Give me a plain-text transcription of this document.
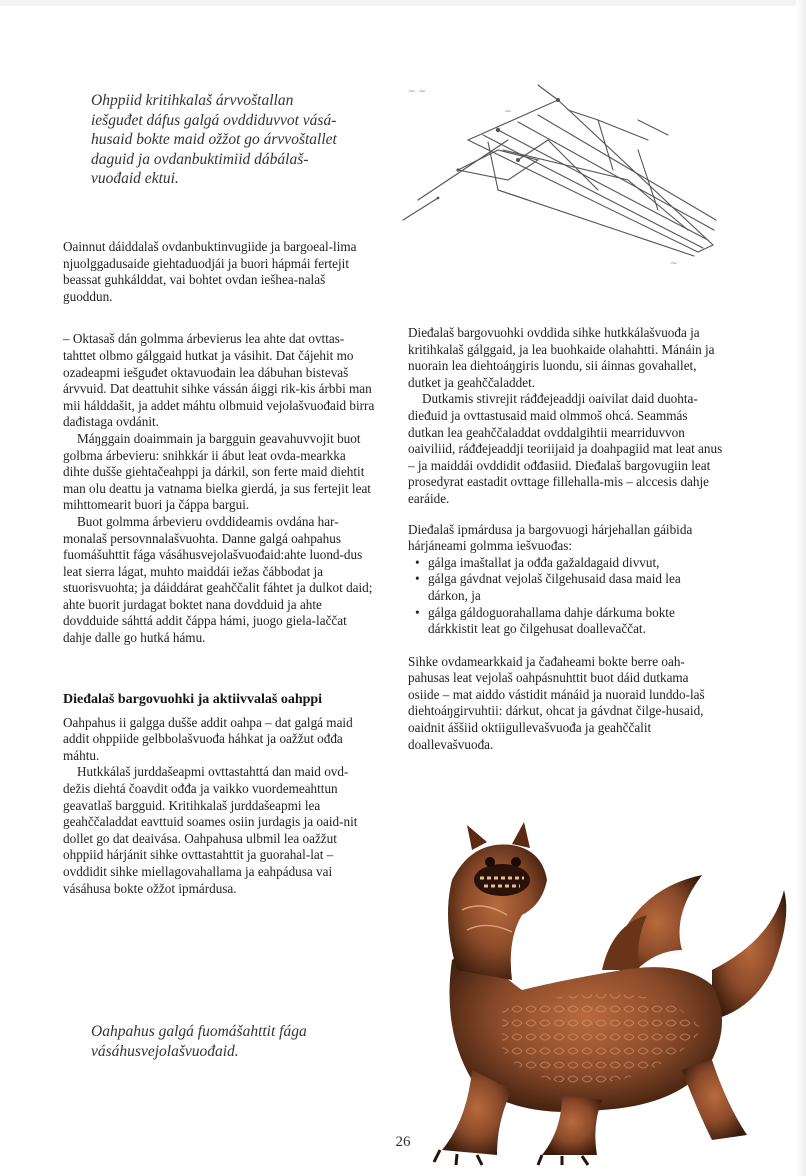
Ohppiid kritihkalaš árvvoštallan
iešguđet dáfus galgá ovddiduvvot vásá-
husaid bokte maid ožžot go árvvoštallet
daguid ja ovdanbuktimiid dábálaš-
vuođaid ektui.
~ ~
~
~

Oainnut dáiddalaš ovdanbuktinvugiide ja bargoeal-lima njuolggadusaide giehtaduodjái ja buori hápmái fertejit beassat guhkálddat, vai bohtet ovdan iešhea-nalaš guoddun.

– Oktasaš dán golmma árbevierus lea ahte dat ovttas-tahttet olbmo gálggaid hutkat ja vásihit. Dat čájehit mo ozadeapmi iešguđet oktavuođain lea dábuhan bistevaš árvvuid. Dat deattuhit sihke vássán áiggi rik-kis árbbi man mii hálddašit, ja addet máhtu olbmuid vejolašvuođaid birra dađistaga ovdánit.

Máŋggain doaimmain ja bargguin geavahuvvojit buot golbma árbevieru: snihkkár ii ábut leat ovda-mearkka dihte dušše giehtačeahppi ja dárkil, son ferte maid diehtit man olu deattu ja vatnama bielka gierdá, ja sus fertejit leat mihttomearit buori ja čáppa bargui.

Buot golmma árbevieru ovddideamis ovdána har-monalaš persovnnalašvuohta. Danne galgá oahpahus fuomášuhttit fága vásáhusvejolašvuođaid:ahte luond-dus leat sierra lágat, muhto maiddái iežas čábbodat ja stuorisvuohta; ja dáiddárat geahččalit fáhtet ja dulkot daid; ahte buorit jurdagat boktet nana dovdduid ja ahte dovdduide sáhttá addit čáppa hámi, juogo giela-laččat dahje dalle go hutká hámu.

Dieđalaš bargovuohki ja aktiivvalaš oahppi

Oahpahus ii galgga dušše addit oahpa – dat galgá maid addit ohppiide gelbbolašvuođa háhkat ja oažžut ođđa máhtu.

Hutkkálaš jurddašeapmi ovttastahttá dan maid ovd-dežis diehtá čoavdit ođđa ja vaikko vuordemeahttun geavatlaš bargguid. Kritihkalaš jurddašeapmi lea geahččaladdat eavttuid soames osiin jurdagis ja oaid-nit dollet go dat deaivása. Oahpahusa ulbmil lea oažžut ohppiid hárjánit sihke ovttastahttit ja guorahal-lat – ovddidit sihke miellagovahallama ja eahpádusa vai vásáhusa bokte ožžot ipmárdusa.

Dieđalaš bargovuohki ovddida sihke hutkkálašvuođa ja kritihkalaš gálggaid, ja lea buohkaide olahahtti. Mánáin ja nuorain lea diehtoáŋgiris luondu, sii áinnas govahallet, dutket ja geahččaladdet.

Dutkamis stivrejit ráđđejeaddji oaivilat daid duohta-dieđuid ja ovttastusaid maid olmmoš ohcá. Seammás dutkan lea geahččaladdat ovddalgihtii mearriduvvon oaiviliid, ráđđejeaddji teoriijaid ja doahpagiid mat leat anus – ja maiddái ovddidit ođđasiid. Dieđalaš bargovugiin leat prosedyrat eastadit ovttage fillehalla-mis – alccesis dahje earáide.

Dieđalaš ipmárdusa ja bargovuogi hárjehallan gáibida hárjáneami golmma iešvuođas:

• gálga imaštallat ja ođđa gažaldagaid divvut,
• gálga gávdnat vejolaš čilgehusaid dasa maid lea dárkon, ja
• gálga gáldoguorahallama dahje dárkuma bokte dárkkistit leat go čilgehusat doallevaččat.

Sihke ovdamearkkaid ja čađaheami bokte berre oah-pahusas leat vejolaš oahpásnuhttit buot dáid dutkama osiide – mat aiddo vástidit mánáid ja nuoraid lunddo-laš diehtoáŋgirvuhtii: dárkut, ohcat ja gávdnat čilge-husaid, oaidnit áššiid oktiigullevašvuođa ja geahččalit doallevašvuođa.

Oahpahus galgá fuomášahttit fága
vásáhusvejolašvuođaid.
26
